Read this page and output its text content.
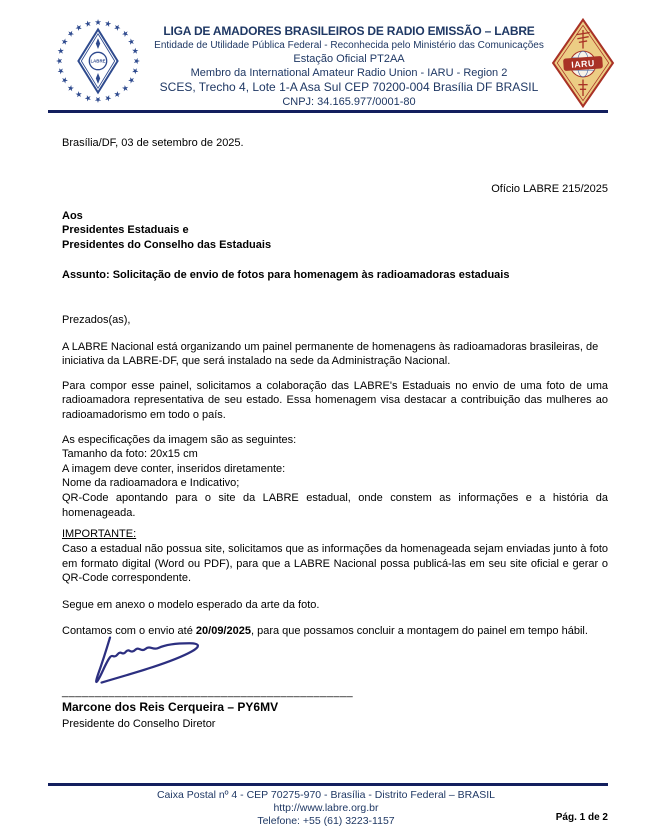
★ ★
★
★
★
★
★
★
★
★
★
★
★
★
★
★
★
★
★
★
★
★
★
★
LABRE
LIGA DE AMADORES BRASILEIROS DE RADIO EMISSÃO – LABRE
Entidade de Utilidade Pública Federal - Reconhecida pelo Ministério das Comunicações
Estação Oficial PT2AA
Membro da International Amateur Radio Union - IARU - Region 2
SCES, Trecho 4, Lote 1-A Asa Sul CEP 70200-004 Brasília DF BRASIL
CNPJ: 34.165.977/0001-80
IARU

Brasília/DF, 03 de setembro de 2025.

Ofício LABRE 215/2025

Aos
Presidentes Estaduais e
Presidentes do Conselho das Estaduais

Assunto: Solicitação de envio de fotos para homenagem às radioamadoras estaduais

Prezados(as),

A LABRE Nacional está organizando um painel permanente de homenagens às radioamadoras brasileiras, de iniciativa da LABRE-DF, que será instalado na sede da Administração Nacional.

Para compor esse painel, solicitamos a colaboração das LABRE's Estaduais no envio de uma foto de uma radioamadora representativa de seu estado. Essa homenagem visa destacar a contribuição das mulheres ao radioamadorismo em todo o país.

As especificações da imagem são as seguintes:
Tamanho da foto: 20x15 cm
A imagem deve conter, inseridos diretamente:
Nome da radioamadora e Indicativo;
QR-Code apontando para o site da LABRE estadual, onde constem as informações e a história da homenageada.

IMPORTANTE:

Caso a estadual não possua site, solicitamos que as informações da homenageada sejam enviadas junto à foto em formato digital (Word ou PDF), para que a LABRE Nacional possa publicá-las em seu site oficial e gerar o QR-Code correspondente.

Segue em anexo o modelo esperado da arte da foto.

Contamos com o envio até 20/09/2025, para que possamos concluir a montagem do painel em tempo hábil.

____________________________________________

Marcone dos Reis Cerqueira – PY6MV

Presidente do Conselho Diretor

Caixa Postal nº 4 - CEP 70275-970 - Brasília - Distrito Federal – BRASIL
http://www.labre.org.br
Telefone: +55 (61) 3223-1157	Pág. 1 de 2
